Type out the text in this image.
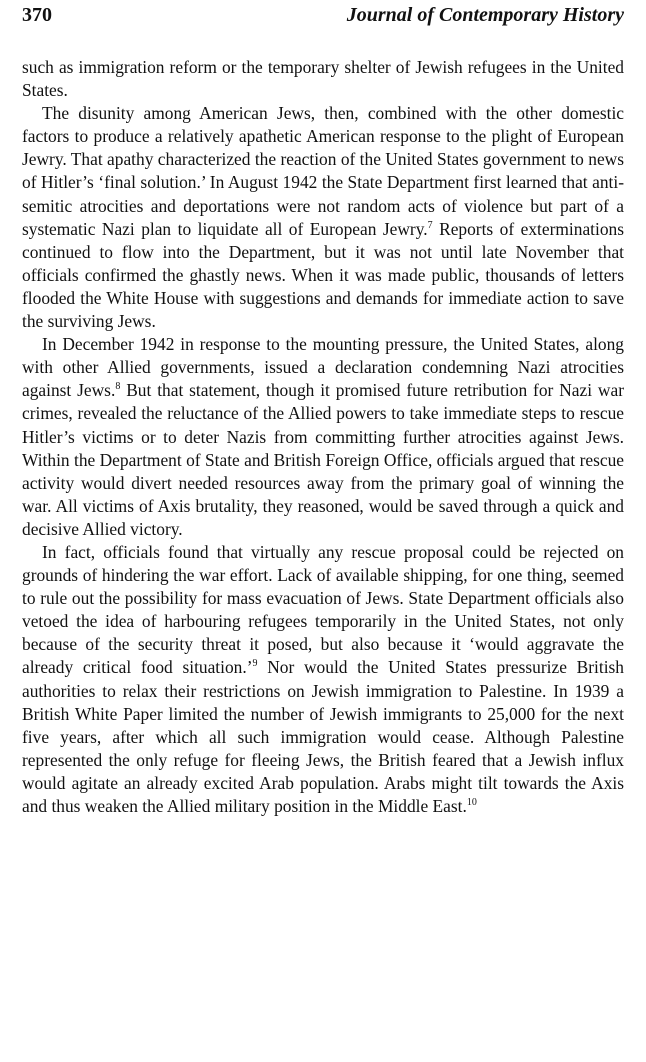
370	Journal of Contemporary History

such as immigration reform or the temporary shelter of Jewish refugees in the United States.

The disunity among American Jews, then, combined with the other domestic factors to produce a relatively apathetic American response to the plight of European Jewry. That apathy characterized the reaction of the United States government to news of Hitler’s ‘final solution.’ In August 1942 the State Department first learned that anti-semitic atrocities and deportations were not random acts of violence but part of a systematic Nazi plan to liquidate all of European Jewry.$^7$ Reports of exterminations continued to flow into the Department, but it was not until late November that officials confirmed the ghastly news. When it was made public, thousands of letters flooded the White House with suggestions and demands for immediate action to save the surviving Jews.

In December 1942 in response to the mounting pressure, the United States, along with other Allied governments, issued a declaration condemning Nazi atrocities against Jews.$^8$ But that statement, though it promised future retribution for Nazi war crimes, revealed the reluctance of the Allied powers to take immediate steps to rescue Hitler’s victims or to deter Nazis from committing further atrocities against Jews. Within the Department of State and British Foreign Office, officials argued that rescue activity would divert needed resources away from the primary goal of winning the war. All victims of Axis brutality, they reasoned, would be saved through a quick and decisive Allied victory.

In fact, officials found that virtually any rescue proposal could be rejected on grounds of hindering the war effort. Lack of available shipping, for one thing, seemed to rule out the possibility for mass evacuation of Jews. State Department officials also vetoed the idea of harbouring refugees temporarily in the United States, not only because of the security threat it posed, but also because it ‘would aggravate the already critical food situation.’$^9$ Nor would the United States pressurize British authorities to relax their restrictions on Jewish immigration to Palestine. In 1939 a British White Paper limited the number of Jewish immigrants to 25,000 for the next five years, after which all such immigration would cease. Although Palestine represented the only refuge for fleeing Jews, the British feared that a Jewish influx would agitate an already excited Arab population. Arabs might tilt towards the Axis and thus weaken the Allied military position in the Middle East.$^{10}$
